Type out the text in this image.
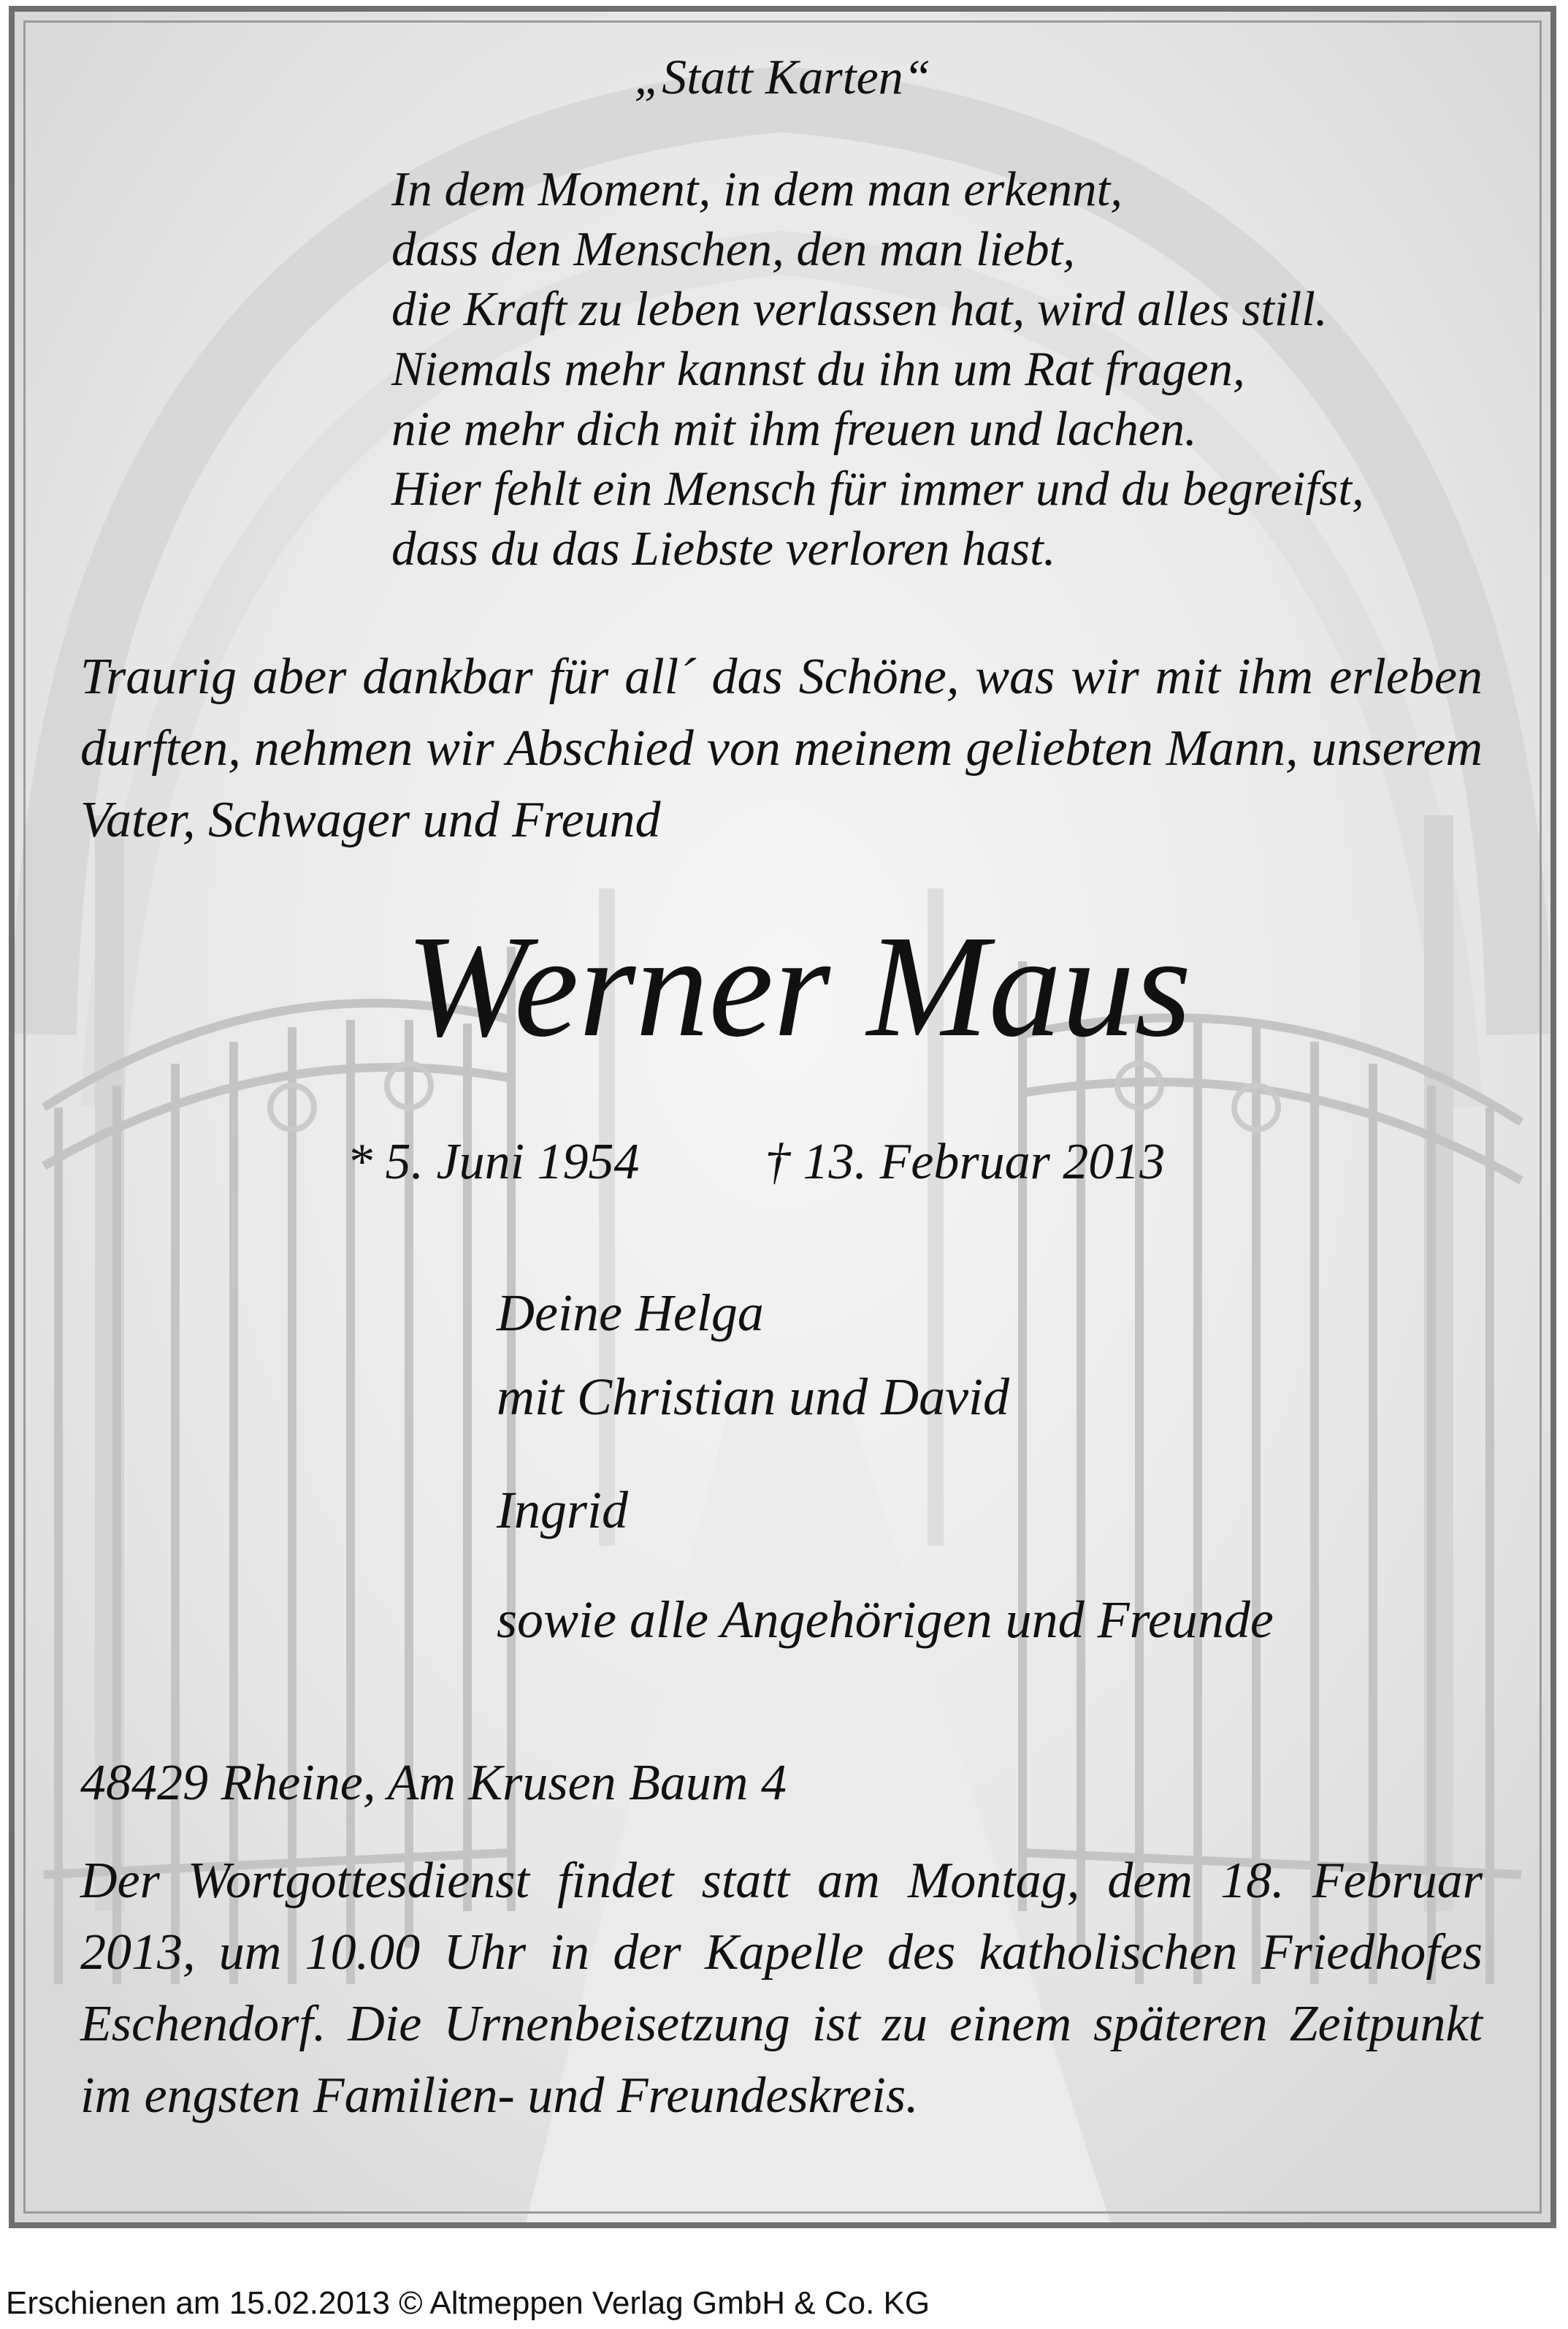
„Statt Karten“
In dem Moment, in dem man erkennt,
dass den Menschen, den man liebt,
die Kraft zu leben verlassen hat, wird alles still.
Niemals mehr kannst du ihn um Rat fragen,
nie mehr dich mit ihm freuen und lachen.
Hier fehlt ein Mensch für immer und du begreifst,
dass du das Liebste verloren hast.

Traurig aber dankbar für all´ das Schöne, was wir mit ihm erleben durften, nehmen wir Abschied von meinem geliebten Mann, unserem Vater, Schwager und Freund

Werner Maus
* 5. Juni 1954 † 13. Februar 2013
Deine Helga
mit Christian und David
Ingrid
sowie alle Angehörigen und Freunde
48429 Rheine, Am Krusen Baum 4

Der Wortgottesdienst findet statt am Montag, dem 18. Februar 2013, um 10.00 Uhr in der Kapelle des katholischen Friedhofes Eschendorf. Die Urnenbeisetzung ist zu einem späteren Zeitpunkt im engsten Familien- und Freundeskreis.

Erschienen am 15.02.2013 © Altmeppen Verlag GmbH & Co. KG
